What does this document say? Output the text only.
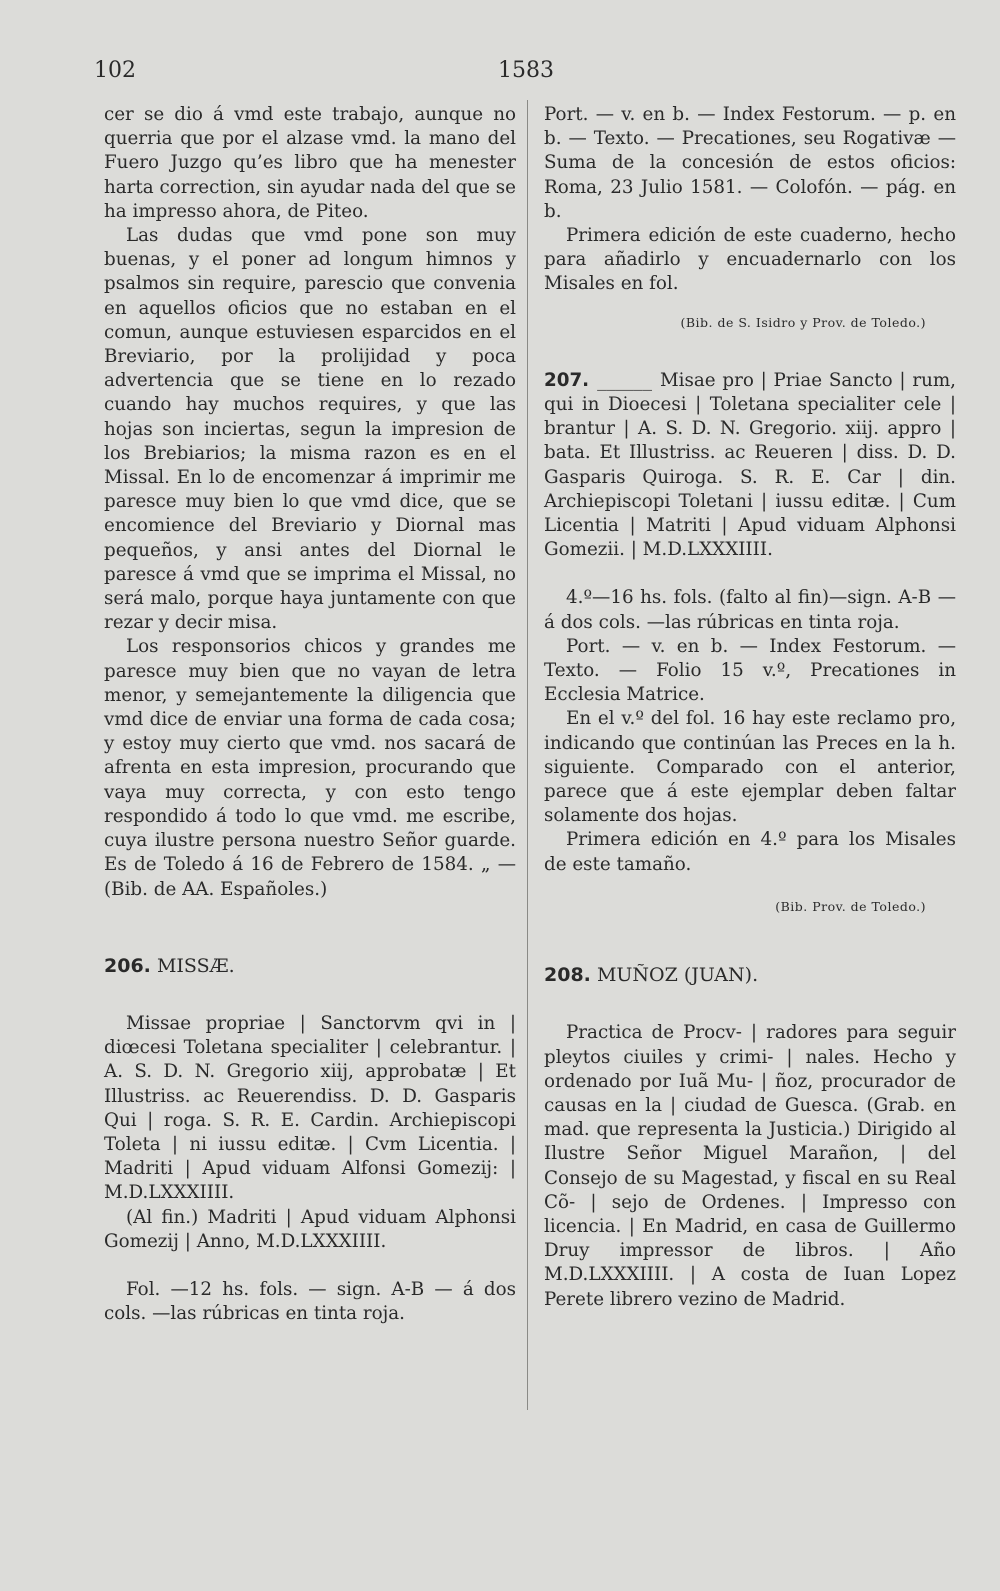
102	1583

cer se dio á vmd este trabajo, aunque no querria que por el alzase vmd. la mano del Fuero Juzgo qu’es libro que ha menester harta correction, sin ayudar nada del que se ha impresso ahora, de Piteo.

Las dudas que vmd pone son muy buenas, y el poner ad longum himnos y psalmos sin require, parescio que convenia en aquellos oficios que no estaban en el comun, aunque estuviesen esparcidos en el Breviario, por la prolijidad y poca advertencia que se tiene en lo rezado cuando hay muchos requires, y que las hojas son inciertas, segun la impresion de los Brebiarios; la misma razon es en el Missal. En lo de encomenzar á imprimir me paresce muy bien lo que vmd dice, que se encomience del Breviario y Diornal mas pequeños, y ansi antes del Diornal le paresce á vmd que se imprima el Missal, no será malo, porque haya juntamente con que rezar y decir misa.

Los responsorios chicos y grandes me paresce muy bien que no vayan de letra menor, y semejantemente la diligencia que vmd dice de enviar una forma de cada cosa; y estoy muy cierto que vmd. nos sacará de afrenta en esta impresion, procurando que vaya muy correcta, y con esto tengo respondido á todo lo que vmd. me escribe, cuya ilustre persona nuestro Señor guarde. Es de Toledo á 16 de Febrero de 1584. „ —(Bib. de AA. Españoles.)

206. MISSÆ.

Missae propriae | Sanctorvm qvi in | diœcesi Toletana specialiter | celebrantur. | A. S. D. N. Gregorio xiij, approbatæ | Et Illustriss. ac Reuerendiss. D. D. Gasparis Qui | roga. S. R. E. Cardin. Archiepiscopi Toleta | ni iussu editæ. | Cvm Licentia. | Madriti | Apud viduam Alfonsi Gomezij: | M.D.LXXXIIII.

(Al fin.) Madriti | Apud viduam Alphonsi Gomezij | Anno, M.D.LXXXIIII.

Fol. —12 hs. fols. — sign. A-B — á dos cols. —las rúbricas en tinta roja.

Port. — v. en b. — Index Festorum. — p. en b. — Texto. — Precationes, seu Rogativæ — Suma de la concesión de estos oficios: Roma, 23 Julio 1581. — Colofón. — pág. en b.

Primera edición de este cuaderno, hecho para añadirlo y encuadernarlo con los Misales en fol.

(Bib. de S. Isidro y Prov. de Toledo.)

207. ______ Misae pro | Priae Sancto | rum, qui in Dioecesi | Toletana specialiter cele | brantur | A. S. D. N. Gregorio. xiij. appro | bata. Et Illustriss. ac Reueren | diss. D. D. Gasparis Quiroga. S. R. E. Car | din. Archiepiscopi Toletani | iussu editæ. | Cum Licentia | Matriti | Apud viduam Alphonsi Gomezii. | M.D.LXXXIIII.

4.º—16 hs. fols. (falto al fin)—sign. A-B — á dos cols. —las rúbricas en tinta roja.

Port. — v. en b. — Index Festorum. — Texto. — Folio 15 v.º, Precationes in Ecclesia Matrice.

En el v.º del fol. 16 hay este reclamo pro, indicando que continúan las Preces en la h. siguiente. Comparado con el anterior, parece que á este ejemplar deben faltar solamente dos hojas.

Primera edición en 4.º para los Misales de este tamaño.

(Bib. Prov. de Toledo.)

208. MUÑOZ (JUAN).

Practica de Procv- | radores para seguir pleytos ciuiles y crimi- | nales. Hecho y ordenado por Iuã Mu- | ñoz, procurador de causas en la | ciudad de Guesca. (Grab. en mad. que representa la Justicia.) Dirigido al Ilustre Señor Miguel Marañon, | del Consejo de su Magestad, y fiscal en su Real Cõ- | sejo de Ordenes. | Impresso con licencia. | En Madrid, en casa de Guillermo Druy impressor de libros. | Año M.D.LXXXIIII. | A costa de Iuan Lopez Perete librero vezino de Madrid.
